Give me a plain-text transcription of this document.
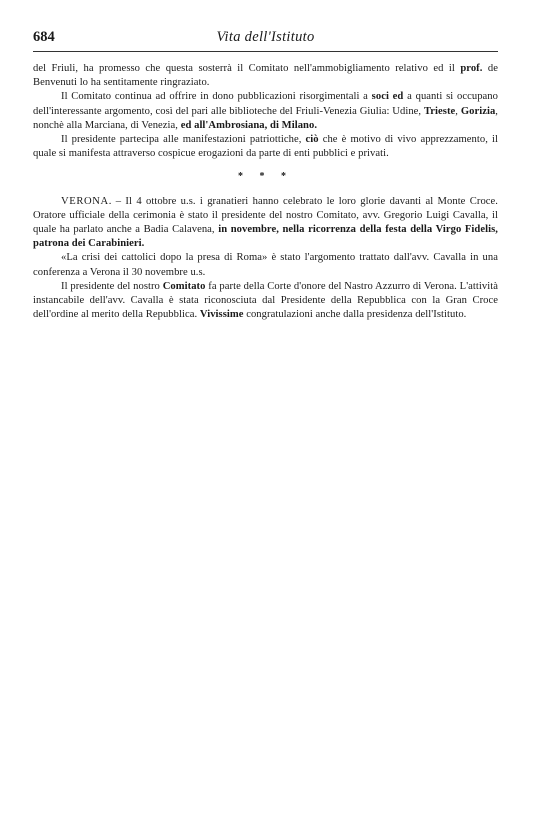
684	Vita dell'Istituto

del Friuli, ha promesso che questa sosterrà il Comitato nell'ammobigliamento relativo ed il prof. de Benvenuti lo ha sentitamente ringraziato.

Il Comitato continua ad offrire in dono pubblicazioni risorgimentali a soci ed a quanti si occupano dell'interessante argomento, così del pari alle biblioteche del Friuli-Venezia Giulia: Udine, Trieste, Gorizia, nonchè alla Marciana, di Venezia, ed all'Ambrosiana, di Milano.

Il presidente partecipa alle manifestazioni patriottiche, ciò che è motivo di vivo apprezzamento, il quale si manifesta attraverso cospicue erogazioni da parte di enti pubblici e privati.

* * *

VERONA. – Il 4 ottobre u.s. i granatieri hanno celebrato le loro glorie davanti al Monte Croce. Oratore ufficiale della cerimonia è stato il presidente del nostro Comitato, avv. Gregorio Luigi Cavalla, il quale ha parlato anche a Badia Calavena, in novembre, nella ricorrenza della festa della Virgo Fidelis, patrona dei Carabinieri.

«La crisi dei cattolici dopo la presa di Roma» è stato l'argomento trattato dall'avv. Cavalla in una conferenza a Verona il 30 novembre u.s.

Il presidente del nostro Comitato fa parte della Corte d'onore del Nastro Azzurro di Verona. L'attività instancabile dell'avv. Cavalla è stata riconosciuta dal Presidente della Repubblica con la Gran Croce dell'ordine al merito della Repubblica. Vivissime congratulazioni anche dalla presidenza dell'Istituto.
